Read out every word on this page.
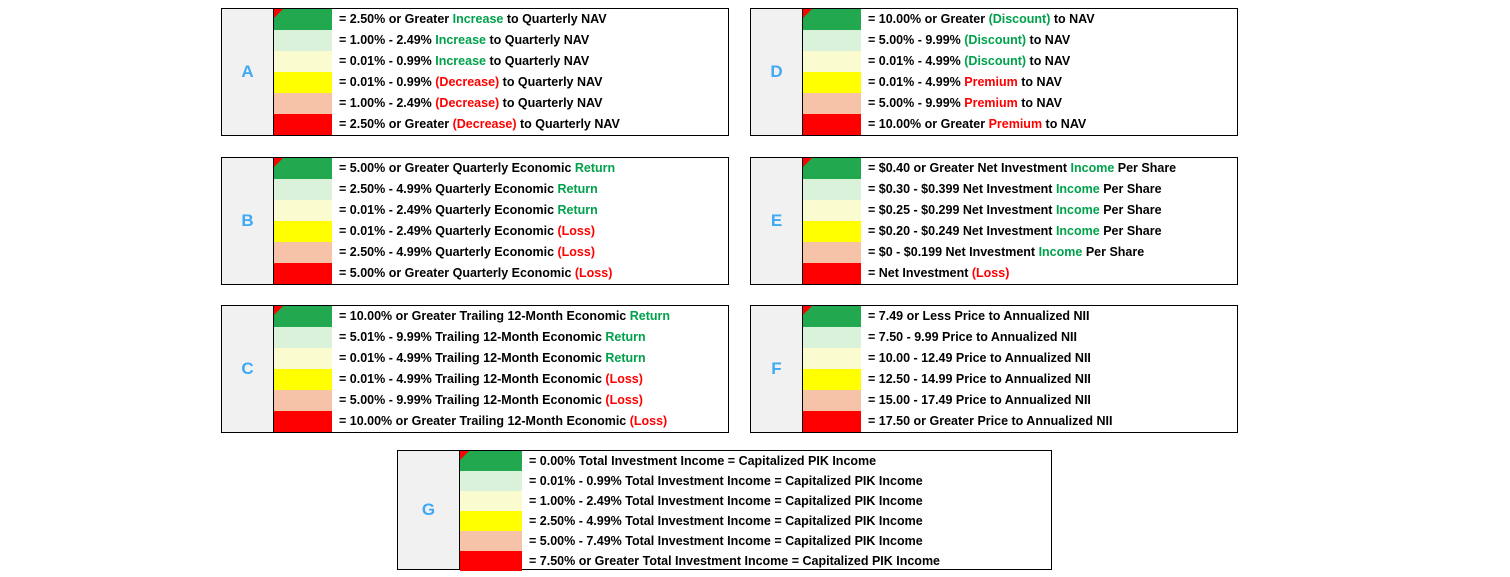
A
= 2.50% or Greater Increase to Quarterly NAV
= 1.00% - 2.49% Increase to Quarterly NAV
= 0.01% - 0.99% Increase to Quarterly NAV
= 0.01% - 0.99% (Decrease) to Quarterly NAV
= 1.00% - 2.49% (Decrease) to Quarterly NAV
= 2.50% or Greater (Decrease) to Quarterly NAV
B
= 5.00% or Greater Quarterly Economic Return
= 2.50% - 4.99% Quarterly Economic Return
= 0.01% - 2.49% Quarterly Economic Return
= 0.01% - 2.49% Quarterly Economic (Loss)
= 2.50% - 4.99% Quarterly Economic (Loss)
= 5.00% or Greater Quarterly Economic (Loss)
C
= 10.00% or Greater Trailing 12-Month Economic Return
= 5.01% - 9.99% Trailing 12-Month Economic Return
= 0.01% - 4.99% Trailing 12-Month Economic Return
= 0.01% - 4.99% Trailing 12-Month Economic (Loss)
= 5.00% - 9.99% Trailing 12-Month Economic (Loss)
= 10.00% or Greater Trailing 12-Month Economic (Loss)
D
= 10.00% or Greater (Discount) to NAV
= 5.00% - 9.99% (Discount) to NAV
= 0.01% - 4.99% (Discount) to NAV
= 0.01% - 4.99% Premium to NAV
= 5.00% - 9.99% Premium to NAV
= 10.00% or Greater Premium to NAV
E
= $0.40 or Greater Net Investment Income Per Share
= $0.30 - $0.399 Net Investment Income Per Share
= $0.25 - $0.299 Net Investment Income Per Share
= $0.20 - $0.249 Net Investment Income Per Share
= $0 - $0.199 Net Investment Income Per Share
= Net Investment (Loss)
F
= 7.49 or Less Price to Annualized NII
= 7.50 - 9.99 Price to Annualized NII
= 10.00 - 12.49 Price to Annualized NII
= 12.50 - 14.99 Price to Annualized NII
= 15.00 - 17.49 Price to Annualized NII
= 17.50 or Greater Price to Annualized NII
G
= 0.00% Total Investment Income = Capitalized PIK Income
= 0.01% - 0.99% Total Investment Income = Capitalized PIK Income
= 1.00% - 2.49% Total Investment Income = Capitalized PIK Income
= 2.50% - 4.99% Total Investment Income = Capitalized PIK Income
= 5.00% - 7.49% Total Investment Income = Capitalized PIK Income
= 7.50% or Greater Total Investment Income = Capitalized PIK Income
